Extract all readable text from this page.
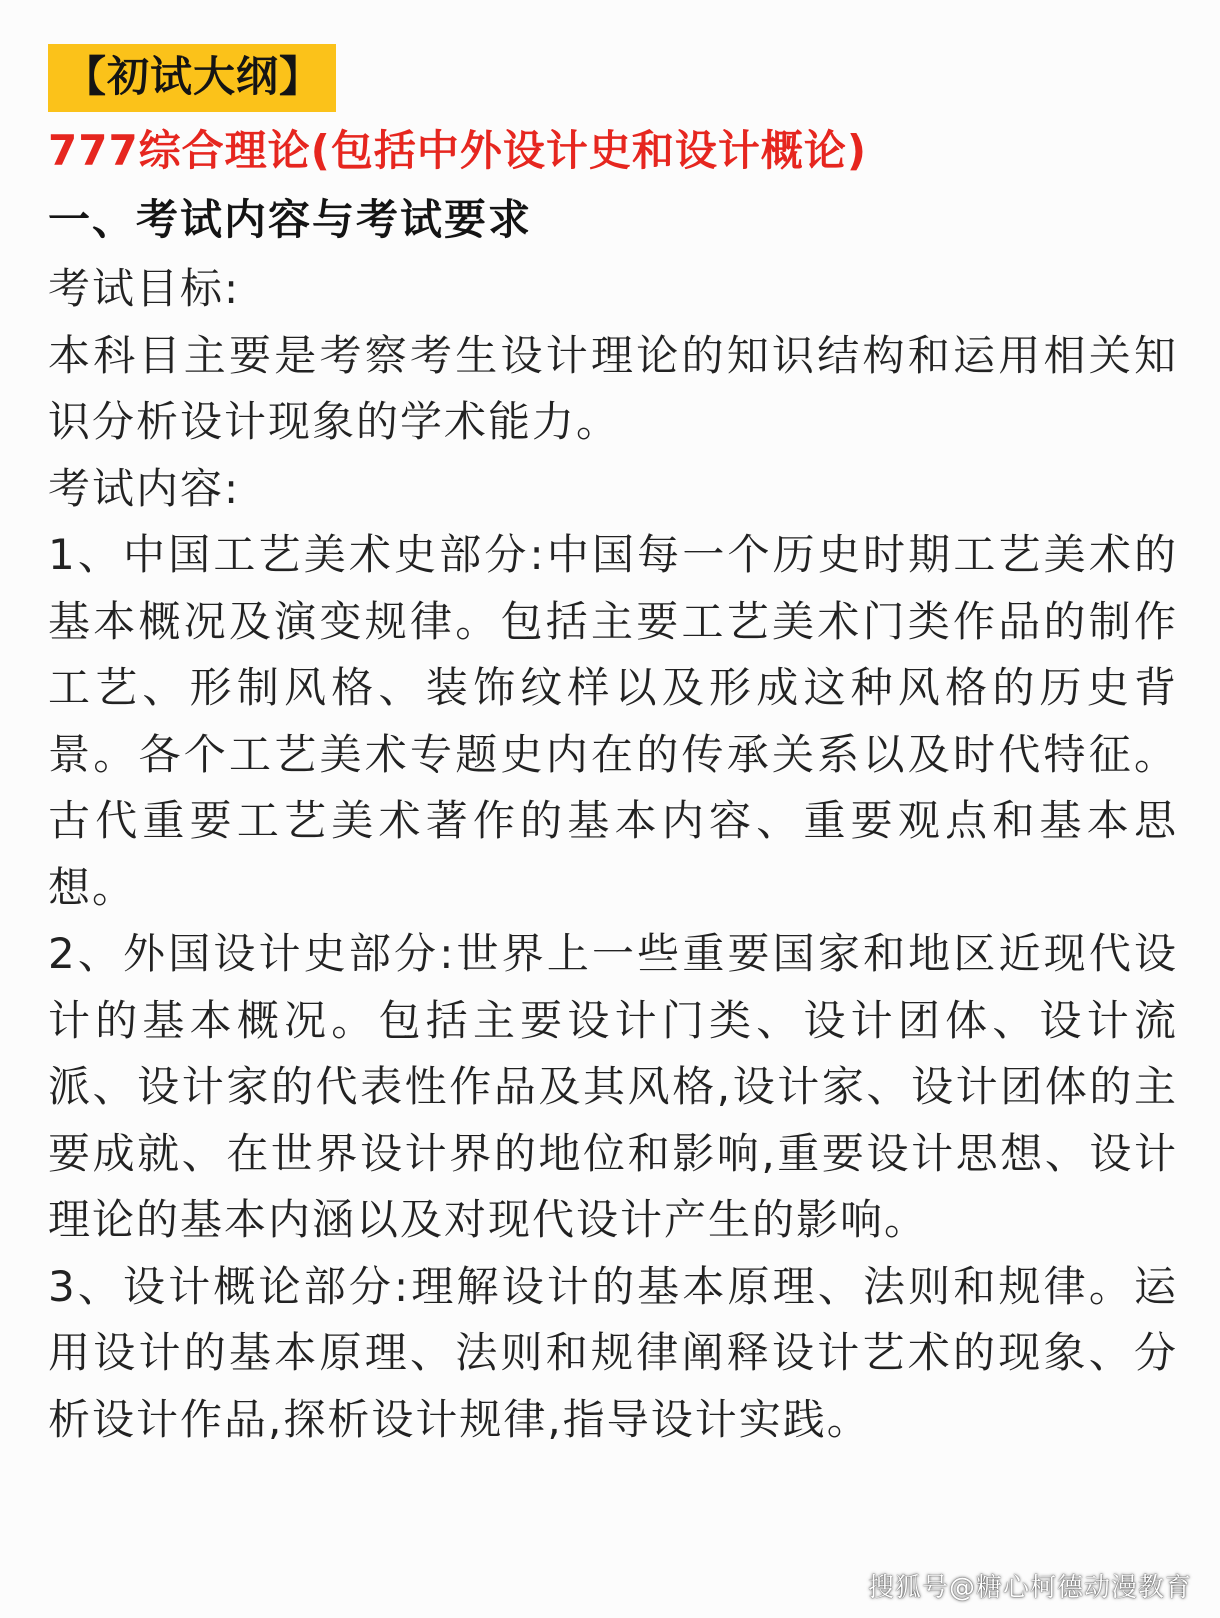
【初试大纲】
777综合理论(包括中外设计史和设计概论)
一、考试内容与考试要求

考试目标:

本科目主要是考察考生设计理论的知识结构和运用相关知识分析设计现象的学术能力。

考试内容:

1、中国工艺美术史部分:中国每一个历史时期工艺美术的基本概况及演变规律。包括主要工艺美术门类作品的制作工艺、形制风格、装饰纹样以及形成这种风格的历史背景。各个工艺美术专题史内在的传承关系以及时代特征。古代重要工艺美术著作的基本内容、重要观点和基本思想。

2、外国设计史部分:世界上一些重要国家和地区近现代设计的基本概况。包括主要设计门类、设计团体、设计流派、设计家的代表性作品及其风格,设计家、设计团体的主要成就、在世界设计界的地位和影响,重要设计思想、设计理论的基本内涵以及对现代设计产生的影响。

3、设计概论部分:理解设计的基本原理、法则和规律。运用设计的基本原理、法则和规律阐释设计艺术的现象、分析设计作品,探析设计规律,指导设计实践。

搜狐号@糖心柯德动漫教育
